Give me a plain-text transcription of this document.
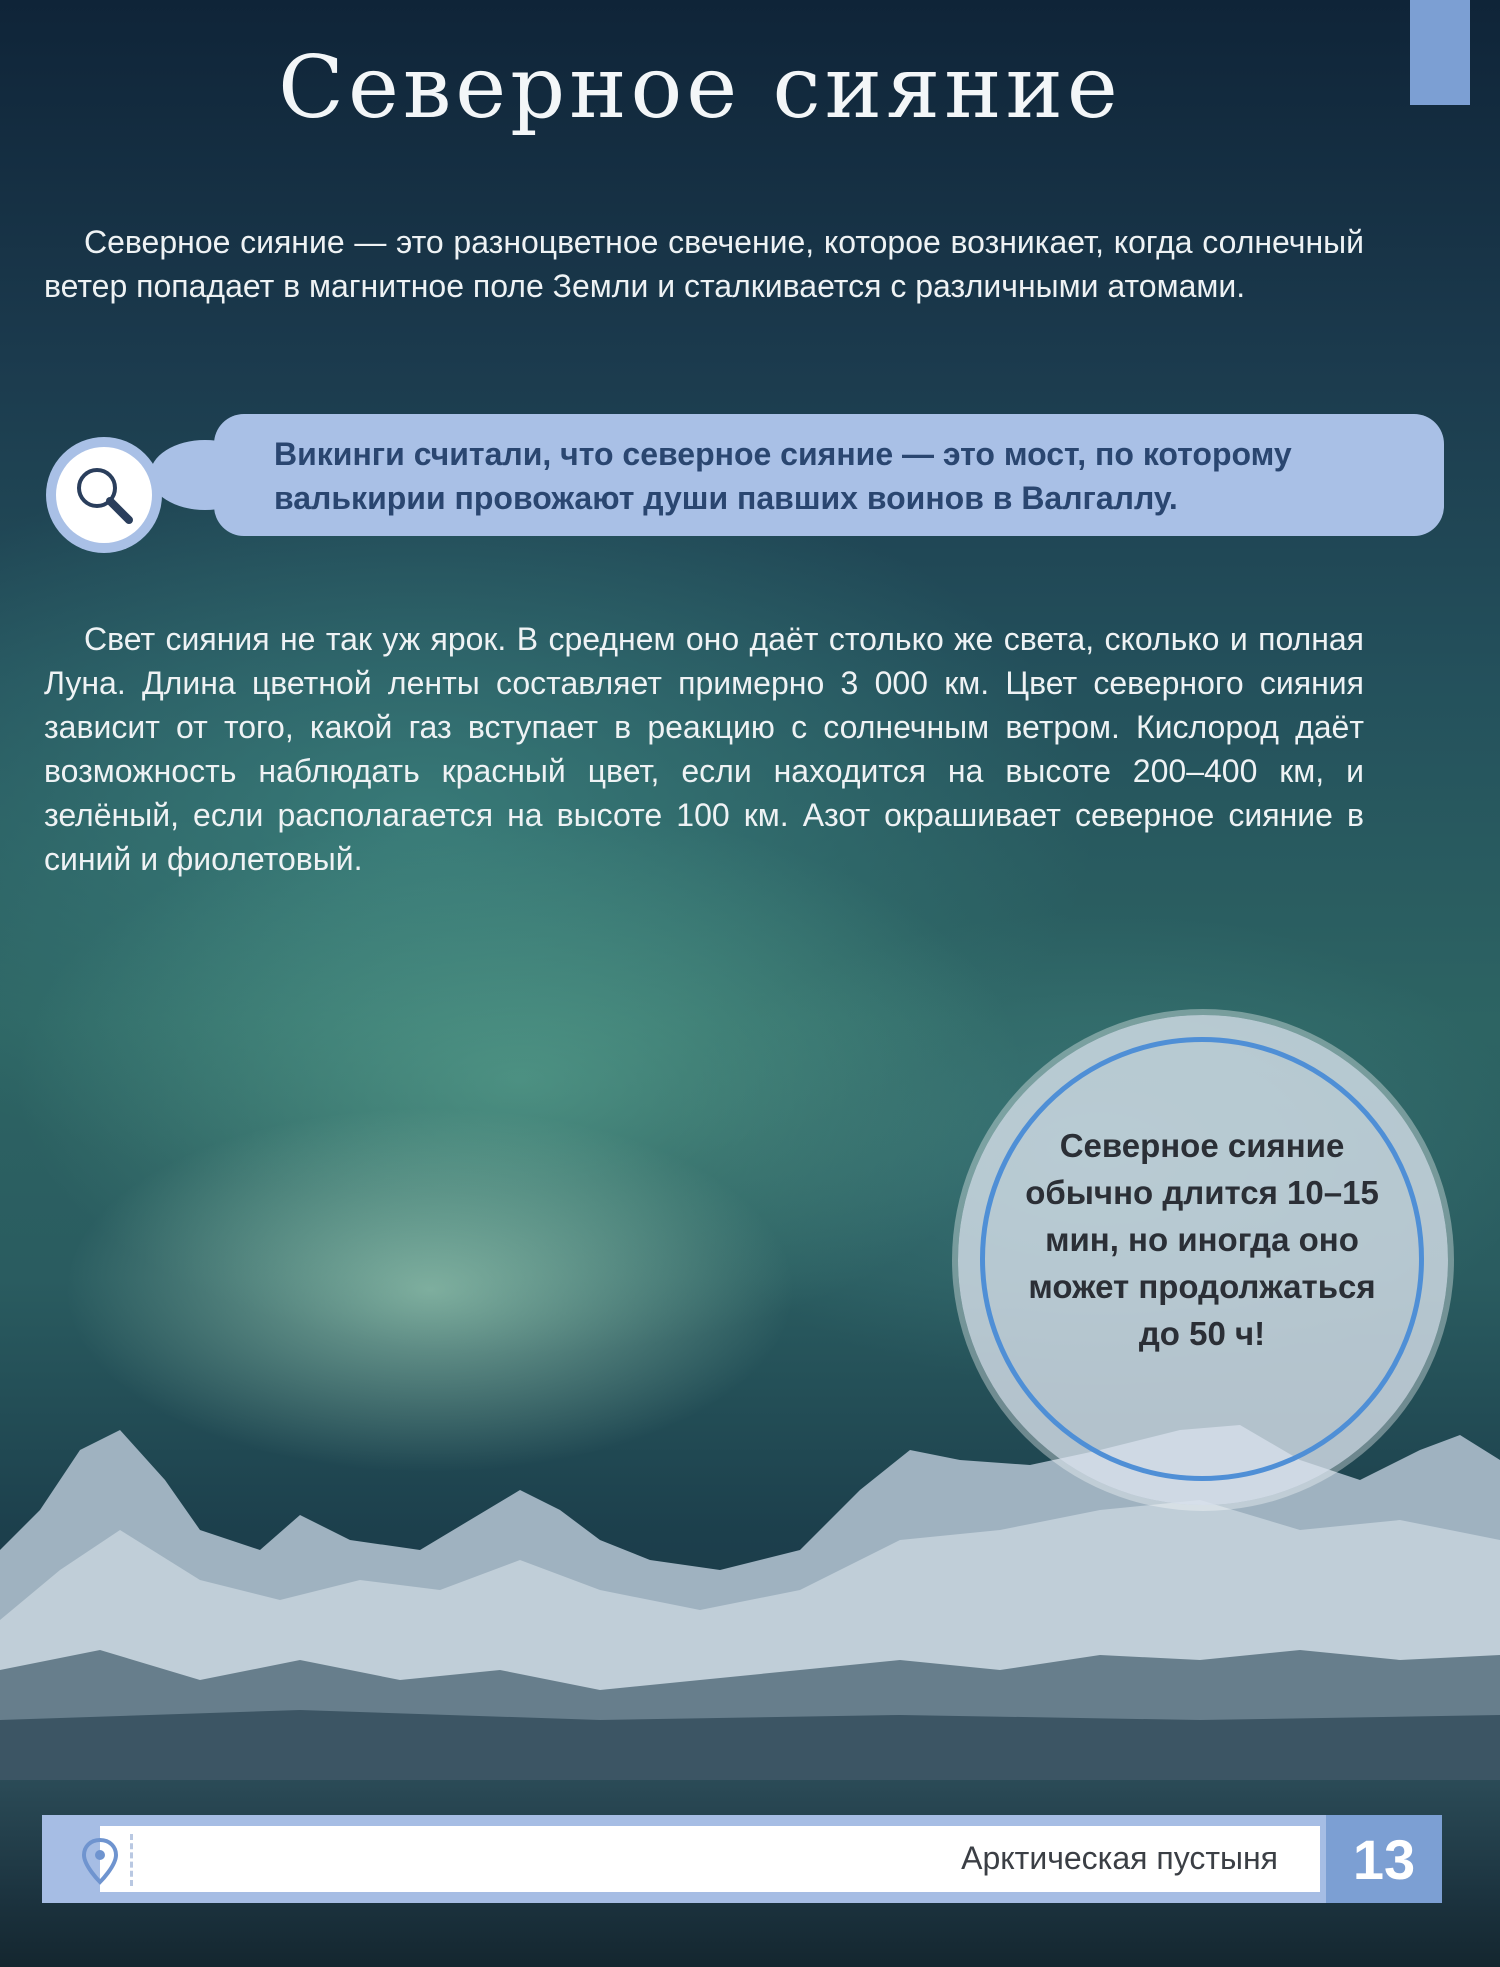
Северное сияние

Северное сияние — это разноцветное свечение, которое возникает, когда солнечный ветер попадает в магнитное поле Земли и сталкивается с различными атомами.

Викинги считали, что северное сияние — это мост, по которому валькирии провожают души павших воинов в Валгаллу.

Свет сияния не так уж ярок. В среднем оно даёт столько же света, сколько и полная Луна. Длина цветной ленты составляет примерно 3 000 км. Цвет северного сияния зависит от того, какой газ вступает в реакцию с солнечным ветром. Кислород даёт возможность наблюдать красный цвет, если находится на высоте 200–400 км, и зелёный, если располагается на высоте 100 км. Азот окрашивает северное сияние в синий и фиолетовый.

Северное сияние обычно длится 10–15 мин, но иногда оно может продолжаться до 50 ч!

Арктическая пустыня	13
